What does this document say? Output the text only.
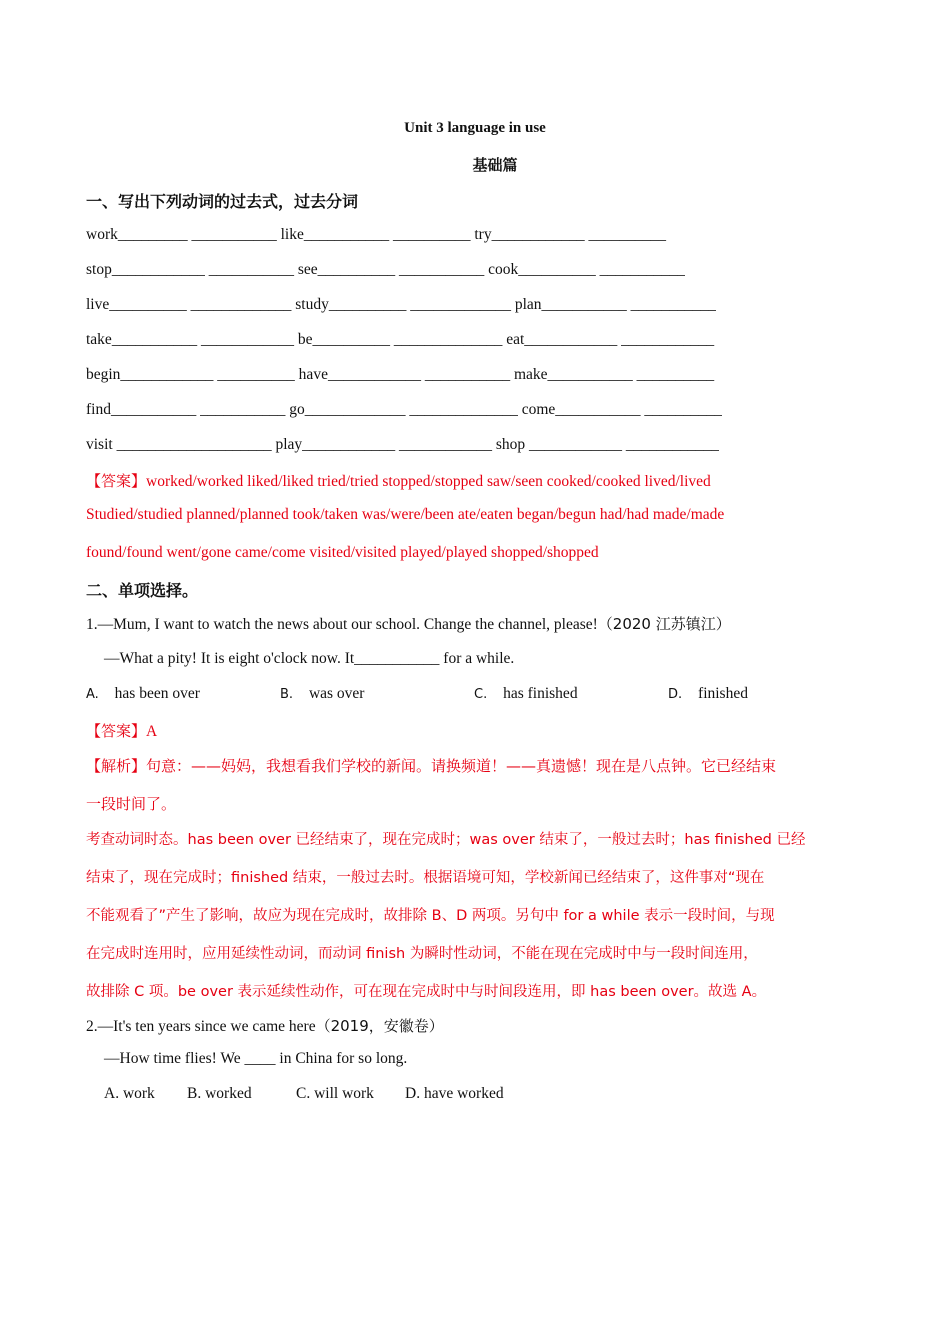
Unit 3 language in use
基础篇
一、写出下列动词的过去式，过去分词
work_________ ___________ like___________ __________ try____________ __________
stop____________ ___________ see__________ ___________ cook__________ ___________
live__________ _____________ study__________ _____________ plan___________ ___________
take___________ ____________ be__________ ______________ eat____________ ____________
begin____________ __________ have____________ ___________ make___________ __________
find___________ ___________ go_____________ ______________ come___________ __________
visit ____________________ play____________ ____________ shop ____________ ____________
【答案】worked/worked liked/liked tried/tried stopped/stopped saw/seen cooked/cooked lived/lived
Studied/studied planned/planned took/taken was/were/been ate/eaten began/begun had/had made/made
found/found went/gone came/come visited/visited played/played shopped/shopped
二、单项选择。
1.—Mum, I want to watch the news about our school. Change the channel, please!（2020 江苏镇江）
—What a pity! It is eight o'clock now. It___________ for a while.
A. has been over	B. was over	C. has finished	D. finished
【答案】A
【解析】句意：——妈妈，我想看我们学校的新闻。请换频道！——真遗憾！现在是八点钟。它已经结束
一段时间了。
考查动词时态。has been over 已经结束了，现在完成时；was over 结束了，一般过去时；has finished 已经
结束了，现在完成时；finished 结束，一般过去时。根据语境可知，学校新闻已经结束了，这件事对“现在
不能观看了”产生了影响，故应为现在完成时，故排除 B、D 两项。另句中 for a while 表示一段时间，与现
在完成时连用时，应用延续性动词，而动词 finish 为瞬时性动词，不能在现在完成时中与一段时间连用，
故排除 C 项。be over 表示延续性动作，可在现在完成时中与时间段连用，即 has been over。故选 A。
2.—It's ten years since we came here（2019，安徽卷）
—How time flies! We ____ in China for so long.
A. work B. worked	C. will work D. have worked
